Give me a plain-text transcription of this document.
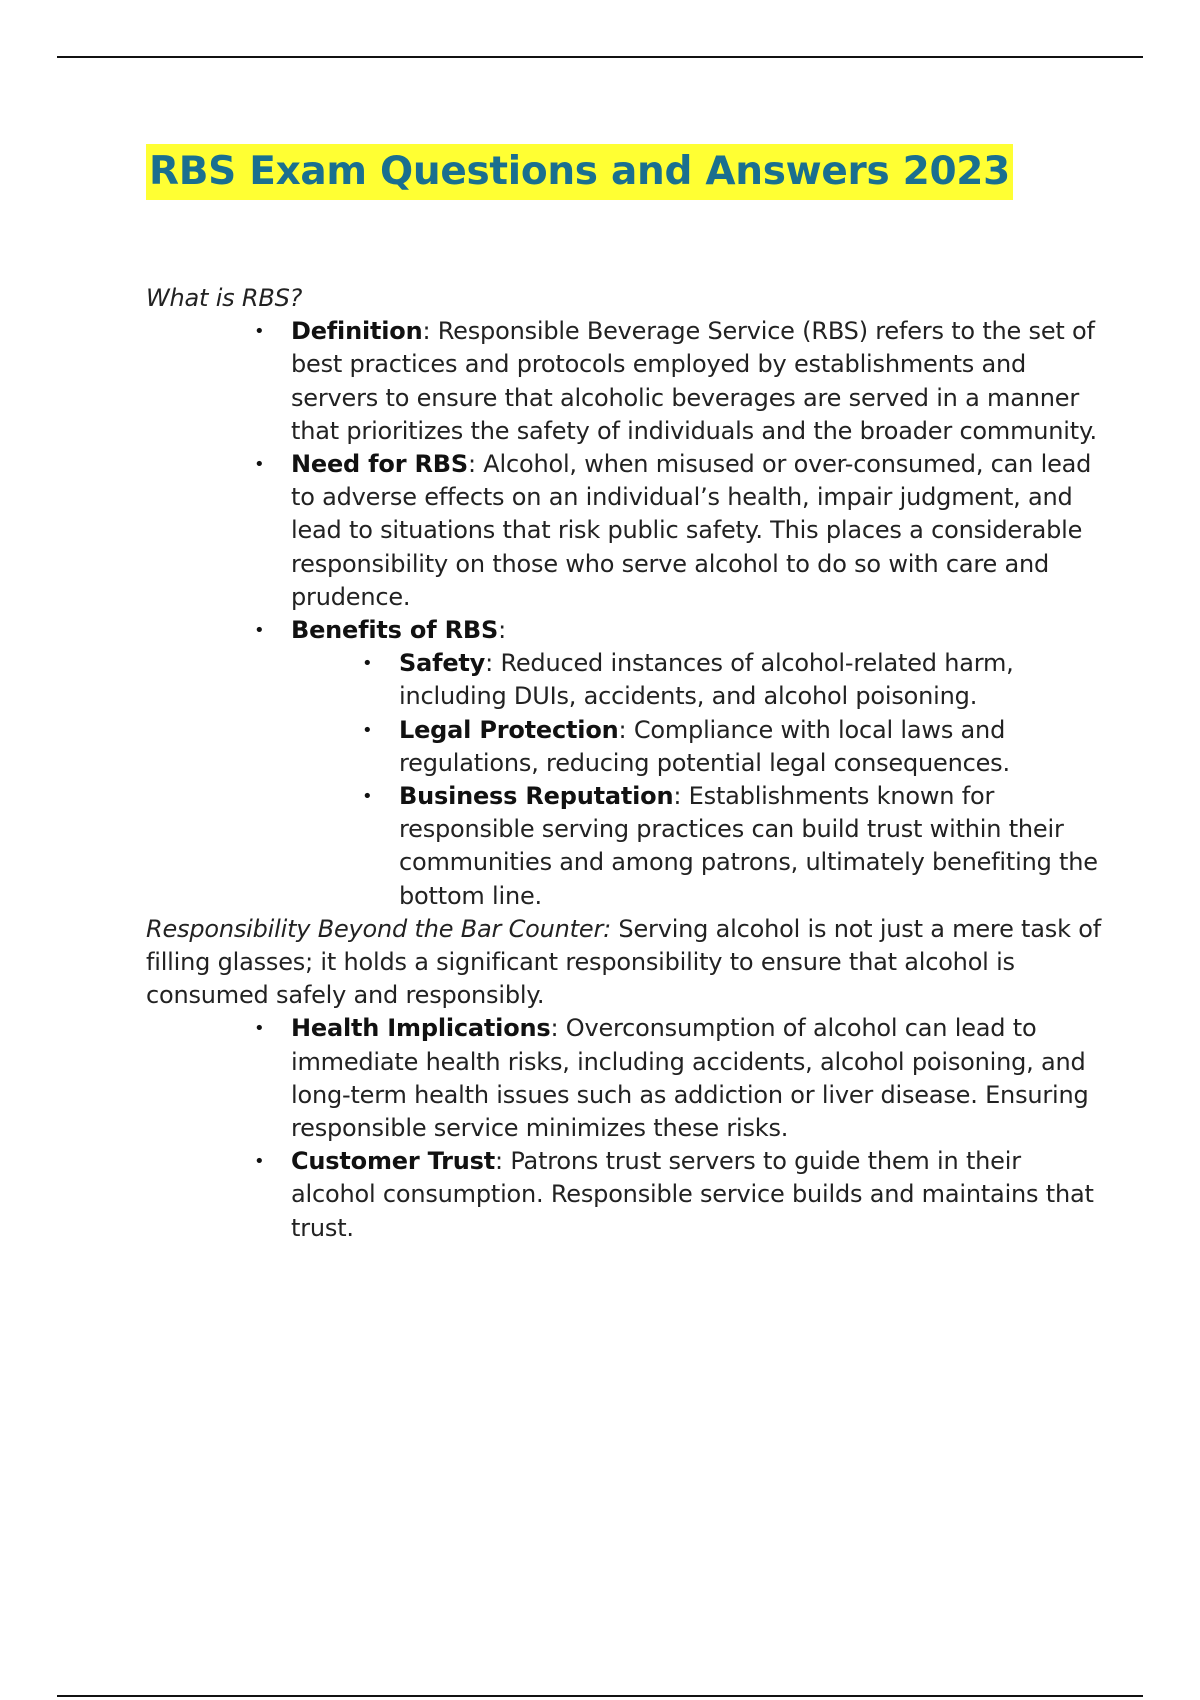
RBS Exam Questions and Answers 2023

What is RBS?

• Definition: Responsible Beverage Service (RBS) refers to the set of best practices and protocols employed by establishments and servers to ensure that alcoholic beverages are served in a manner that prioritizes the safety of individuals and the broader community.
• Need for RBS: Alcohol, when misused or over-consumed, can lead to adverse effects on an individual’s health, impair judgment, and lead to situations that risk public safety. This places a considerable responsibility on those who serve alcohol to do so with care and prudence.
• Benefits of RBS:
• Safety: Reduced instances of alcohol-related harm, including DUIs, accidents, and alcohol poisoning.
• Legal Protection: Compliance with local laws and regulations, reducing potential legal consequences.
• Business Reputation: Establishments known for responsible serving practices can build trust within their communities and among patrons, ultimately benefiting the bottom line.

Responsibility Beyond the Bar Counter: Serving alcohol is not just a mere task of filling glasses; it holds a significant responsibility to ensure that alcohol is consumed safely and responsibly.

• Health Implications: Overconsumption of alcohol can lead to immediate health risks, including accidents, alcohol poisoning, and long-term health issues such as addiction or liver disease. Ensuring responsible service minimizes these risks.
• Customer Trust: Patrons trust servers to guide them in their alcohol consumption. Responsible service builds and maintains that trust.
